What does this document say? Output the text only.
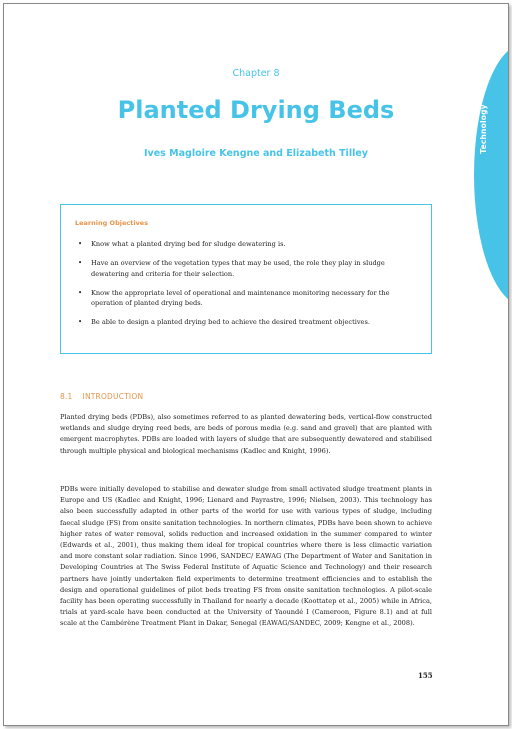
Technology
Chapter 8
Planted Drying Beds
Ives Magloire Kengne and Elizabeth Tilley
Learning Objectives
• Know what a planted drying bed for sludge dewatering is.
• Have an overview of the vegetation types that may be used, the role they play in sludge dewatering and criteria for their selection.
• Know the appropriate level of operational and maintenance monitoring necessary for the operation of planted drying beds.
• Be able to design a planted drying bed to achieve the desired treatment objectives.
8.1 INTRODUCTION

Planted drying beds (PDBs), also sometimes referred to as planted dewatering beds, vertical-flow constructed wetlands and sludge drying reed beds, are beds of porous media (e.g. sand and gravel) that are planted with emergent macrophytes. PDBs are loaded with layers of sludge that are subsequently dewatered and stabilised through multiple physical and biological mechanisms (Kadlec and Knight, 1996).

PDBs were initially developed to stabilise and dewater sludge from small activated sludge treatment plants in Europe and US (Kadlec and Knight, 1996; Lienard and Payrastre, 1996; Nielsen, 2003). This technology has also been successfully adapted in other parts of the world for use with various types of sludge, including faecal sludge (FS) from onsite sanitation technologies. In northern climates, PDBs have been shown to achieve higher rates of water removal, solids reduction and increased oxidation in the summer compared to winter (Edwards et al., 2001), thus making them ideal for tropical countries where there is less climactic variation and more constant solar radiation. Since 1996, SANDEC/ EAWAG (The Department of Water and Sanitation in Developing Countries at The Swiss Federal Institute of Aquatic Science and Technology) and their research partners have jointly undertaken field experiments to determine treatment efficiencies and to establish the design and operational guidelines of pilot beds treating FS from onsite sanitation technologies. A pilot-scale facility has been operating successfully in Thailand for nearly a decade (Koottatep et al., 2005) while in Africa, trials at yard-scale have been conducted at the University of Yaoundé I (Cameroon, Figure 8.1) and at full scale at the Cambérène Treatment Plant in Dakar, Senegal (EAWAG/SANDEC, 2009; Kengne et al., 2008).

155
